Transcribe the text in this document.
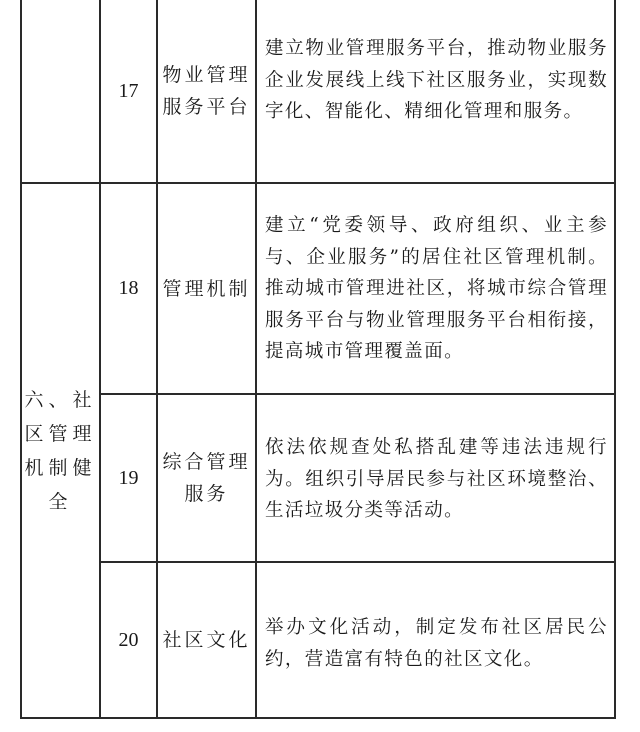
六、社
区管理
机制健
全
17
物业管理
服务平台
建立物业管理服务平台，推动物业服务企业发展线上线下社区服务业，实现数字化、智能化、精细化管理和服务。
18	管理机制
建立“党委领导、政府组织、业主参与、企业服务”的居住社区管理机制。推动城市管理进社区，将城市综合管理服务平台与物业管理服务平台相衔接，提高城市管理覆盖面。
19
综合管理
服务
依法依规查处私搭乱建等违法违规行为。组织引导居民参与社区环境整治、生活垃圾分类等活动。
20	社区文化
举办文化活动，制定发布社区居民公约，营造富有特色的社区文化。
